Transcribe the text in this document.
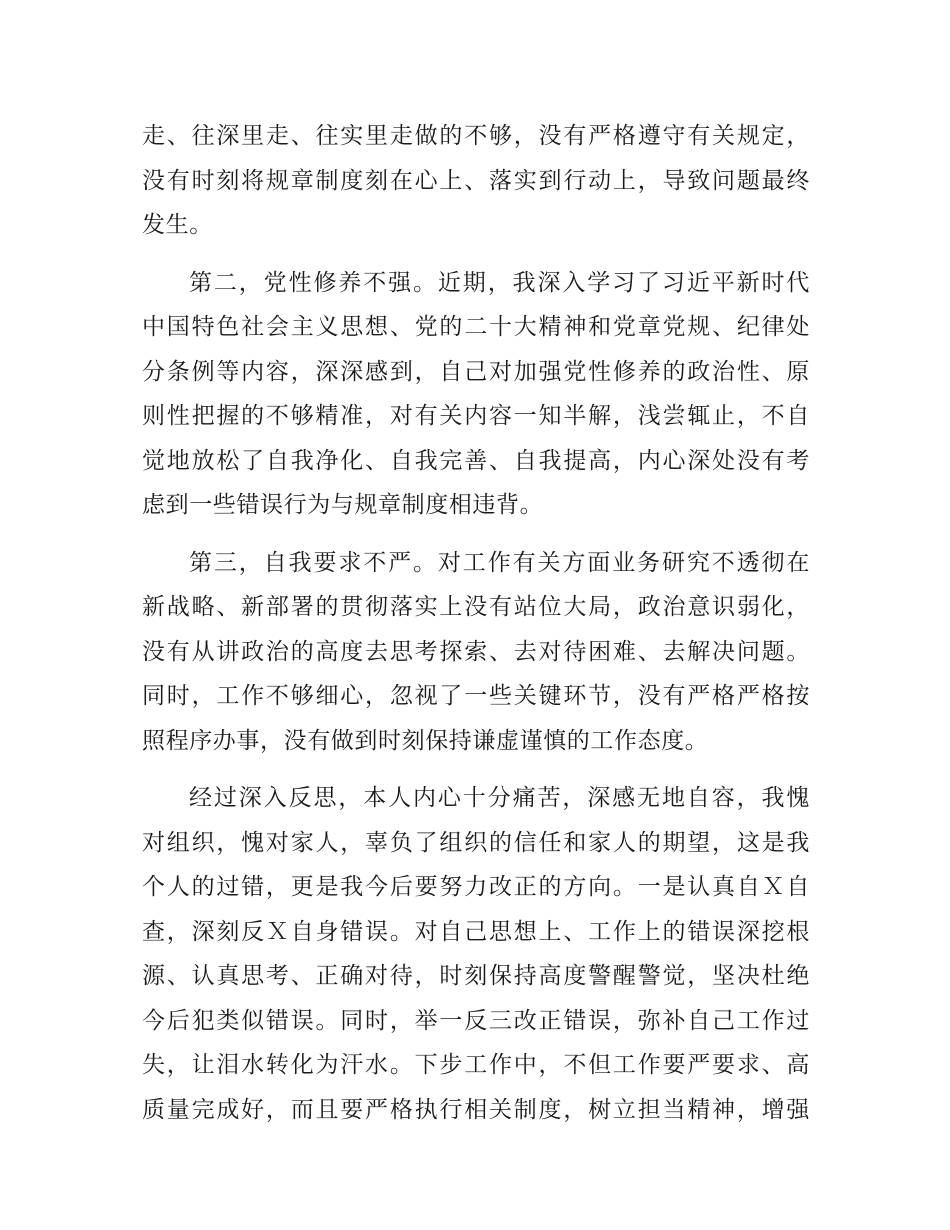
走、往深里走、往实里走做的不够，没有严格遵守有关规定，
没有时刻将规章制度刻在心上、落实到行动上，导致问题最终
发生。

第二，党性修养不强。近期，我深入学习了习近平新时代
中国特色社会主义思想、党的二十大精神和党章党规、纪律处
分条例等内容，深深感到，自己对加强党性修养的政治性、原
则性把握的不够精准，对有关内容一知半解，浅尝辄止，不自
觉地放松了自我净化、自我完善、自我提高，内心深处没有考
虑到一些错误行为与规章制度相违背。

第三，自我要求不严。对工作有关方面业务研究不透彻在
新战略、新部署的贯彻落实上没有站位大局，政治意识弱化，
没有从讲政治的高度去思考探索、去对待困难、去解决问题。
同时，工作不够细心，忽视了一些关键环节，没有严格严格按
照程序办事，没有做到时刻保持谦虚谨慎的工作态度。

经过深入反思，本人内心十分痛苦，深感无地自容，我愧
对组织，愧对家人，辜负了组织的信任和家人的期望，这是我
个人的过错，更是我今后要努力改正的方向。一是认真自Ｘ自
查，深刻反Ｘ自身错误。对自己思想上、工作上的错误深挖根
源、认真思考、正确对待，时刻保持高度警醒警觉，坚决杜绝
今后犯类似错误。同时，举一反三改正错误，弥补自己工作过
失，让泪水转化为汗水。下步工作中，不但工作要严要求、高
质量完成好，而且要严格执行相关制度，树立担当精神，增强
